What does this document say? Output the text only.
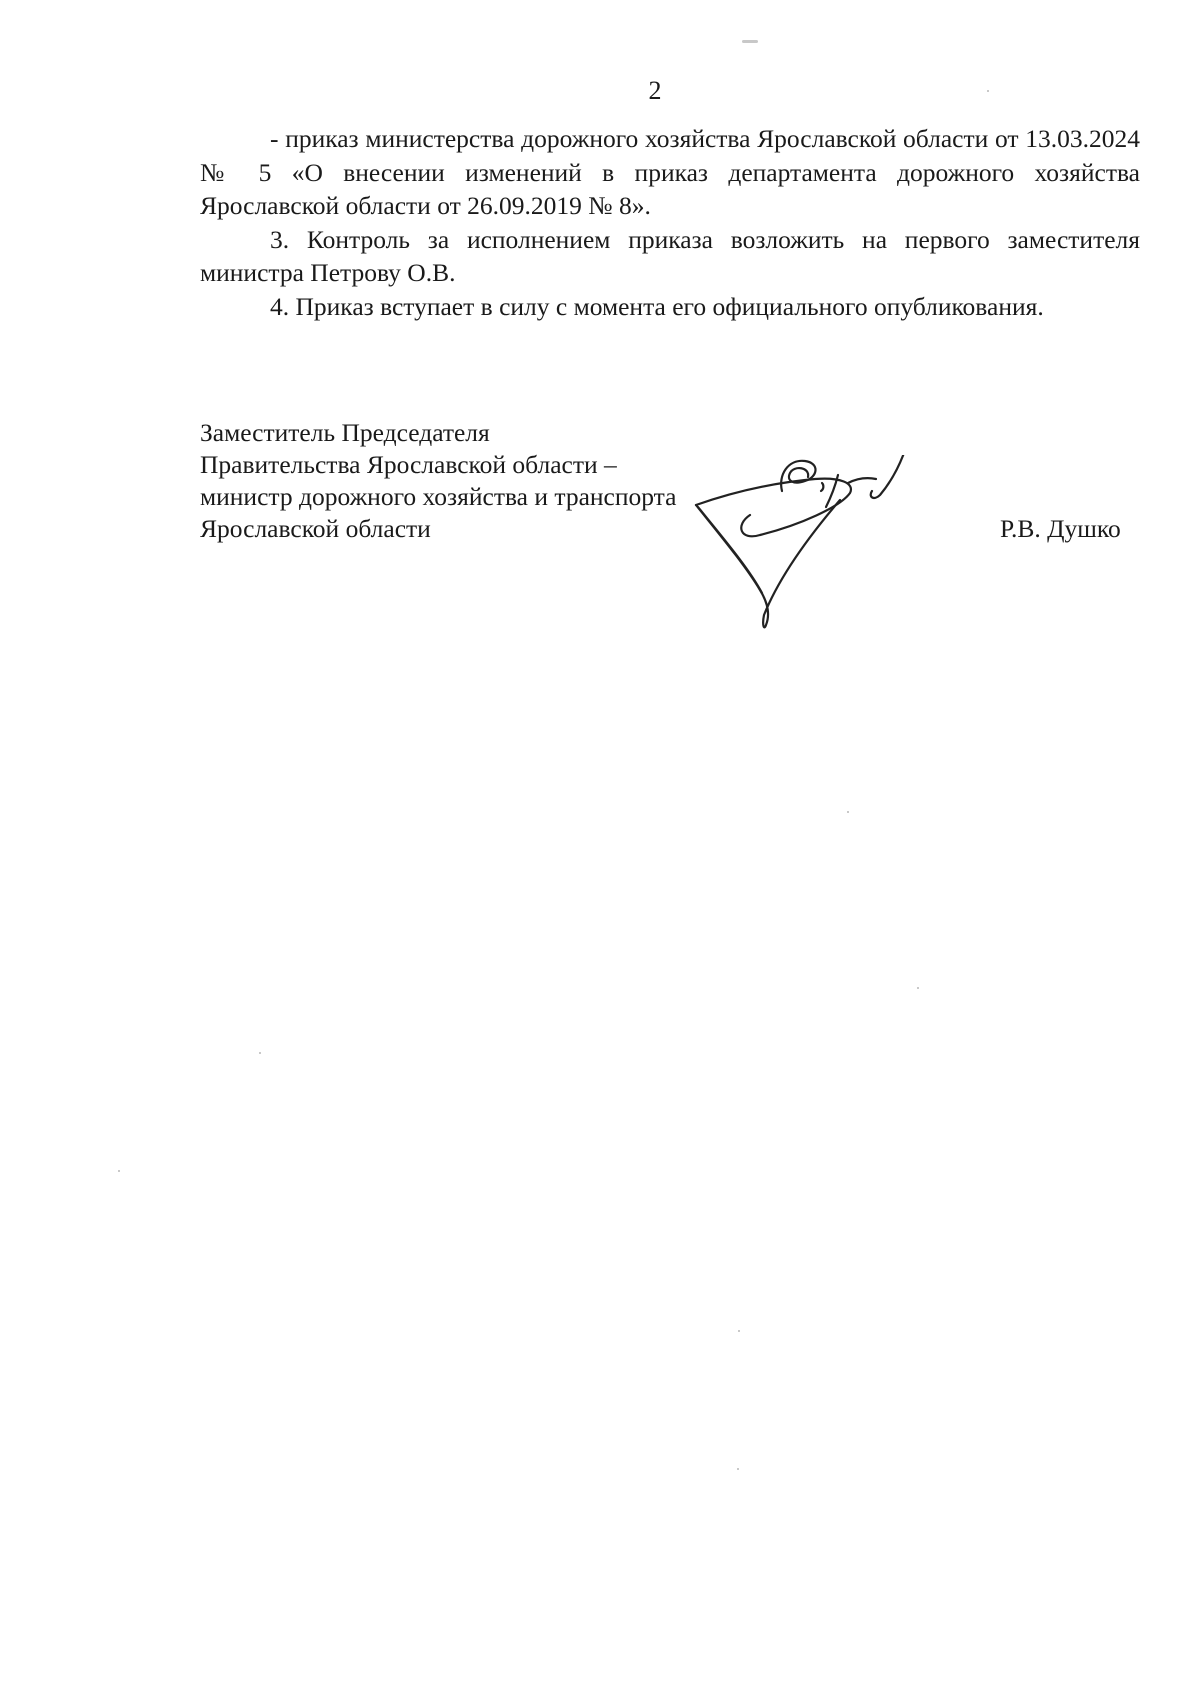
2

- приказ министерства дорожного хозяйства Ярославской области от 13.03.2024 № 5 «О внесении изменений в приказ департамента дорожного хозяйства Ярославской области от 26.09.2019 № 8».

3. Контроль за исполнением приказа возложить на первого заместителя министра Петрову О.В.

4. Приказ вступает в силу с момента его официального опубликования.

Заместитель Председателя
Правительства Ярославской области –
министр дорожного хозяйства и транспорта
Ярославской области	Р.В. Душко
